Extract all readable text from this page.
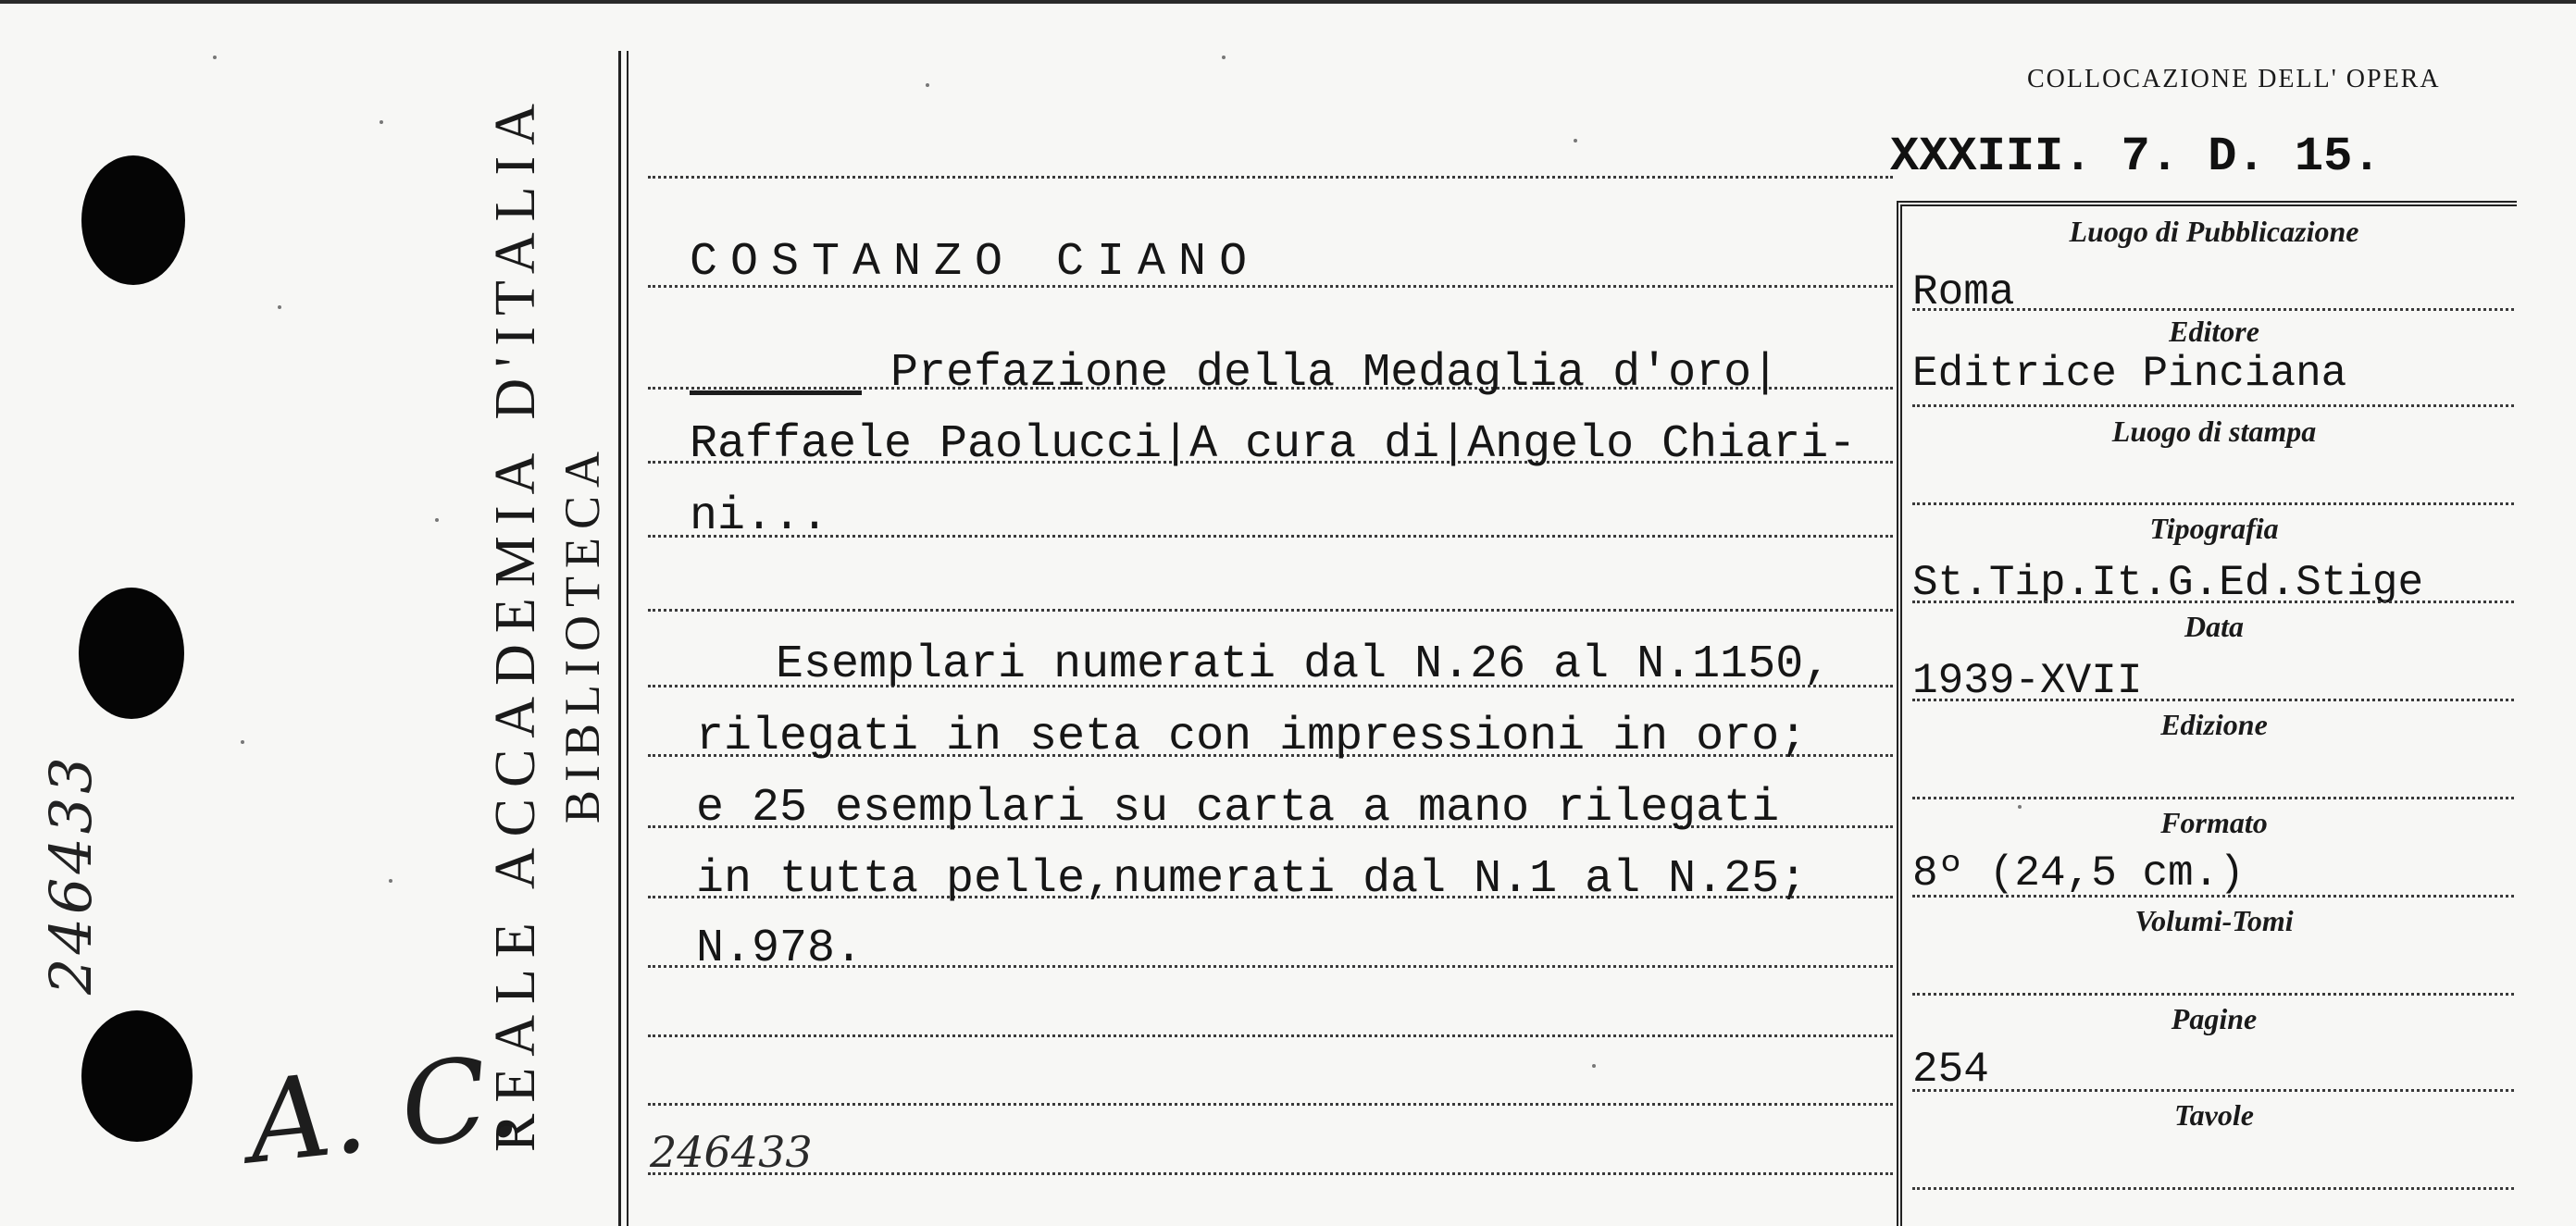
246433
A. C.
REALE ACCADEMIA D'ITALIA BIBLIOTECA
COSTANZO CIANO
Prefazione della Medaglia d'oro|
Raffaele Paolucci|A cura di|Angelo Chiari-
ni...
Esemplari numerati dal N.26 al N.1150,
rilegati in seta con impressioni in oro;
e 25 esemplari su carta a mano rilegati
in tutta pelle,numerati dal N.1 al N.25;
N.978.
246433
COLLOCAZIONE DELL' OPERA
XXXIII. 7. D. 15.
Luogo di Pubblicazione
Roma
Editore
Editrice Pinciana
Luogo di stampa
Tipografia
St.Tip.It.G.Ed.Stige
Data
1939-XVII
Edizione
Formato
8º (24,5 cm.)
Volumi-Tomi
Pagine
254
Tavole
